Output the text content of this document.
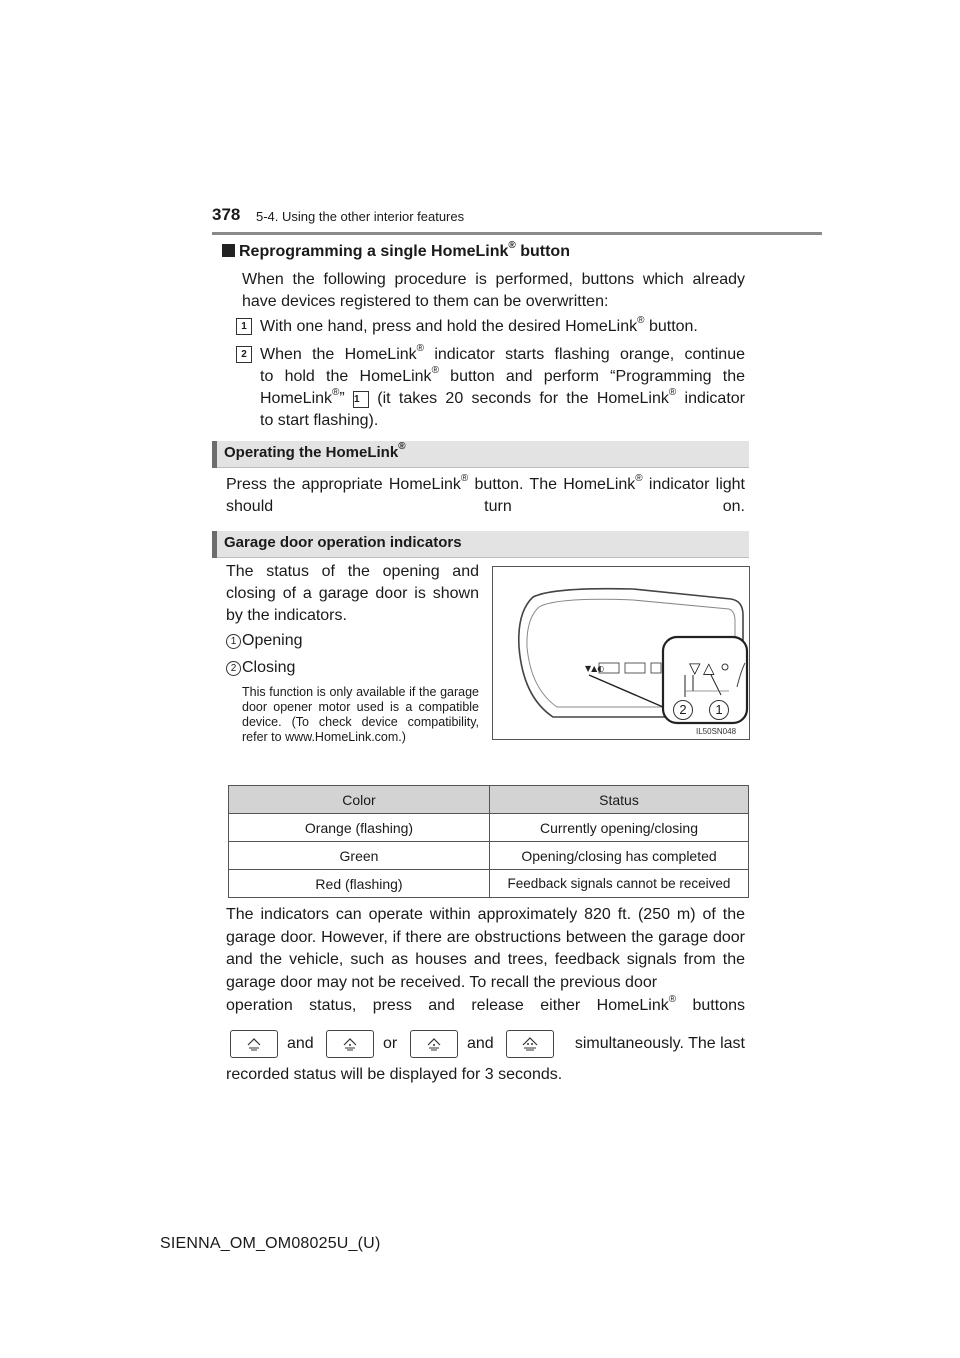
378 5-4. Using the other interior features
Reprogramming a single HomeLink® button
When the following procedure is performed, buttons which already have devices registered to them can be overwritten:
1 With one hand, press and hold the desired HomeLink® button.
2 When the HomeLink® indicator starts flashing orange, continue
to hold the HomeLink® button and perform “Programming the
HomeLink®” 1 (it takes 20 seconds for the HomeLink® indicator
to start flashing).
Operating the HomeLink®
Press the appropriate HomeLink® button. The HomeLink® indicator light should turn on.
Garage door operation indicators
The status of the opening and closing of a garage door is shown by the indicators.
1 Opening
2 Closing
This function is only available if the garage door opener motor used is a compatible device. (To check device compatibility, refer to www.HomeLink.com.)
▼▲◐	▽ △
2	1
IL50SN048
Color	Status
Orange (flashing)	Currently opening/closing
Green	Opening/closing has completed
Red (flashing)	Feedback signals cannot be received
The indicators can operate within approximately 820 ft. (250 m) of the garage door. However, if there are obstructions between the garage door and the vehicle, such as houses and trees, feedback signals from the garage door may not be received. To recall the previous door
operation status, press and release either HomeLink® buttons
and	or	and	simultaneously. The last
recorded status will be displayed for 3 seconds.
SIENNA_OM_OM08025U_(U)
